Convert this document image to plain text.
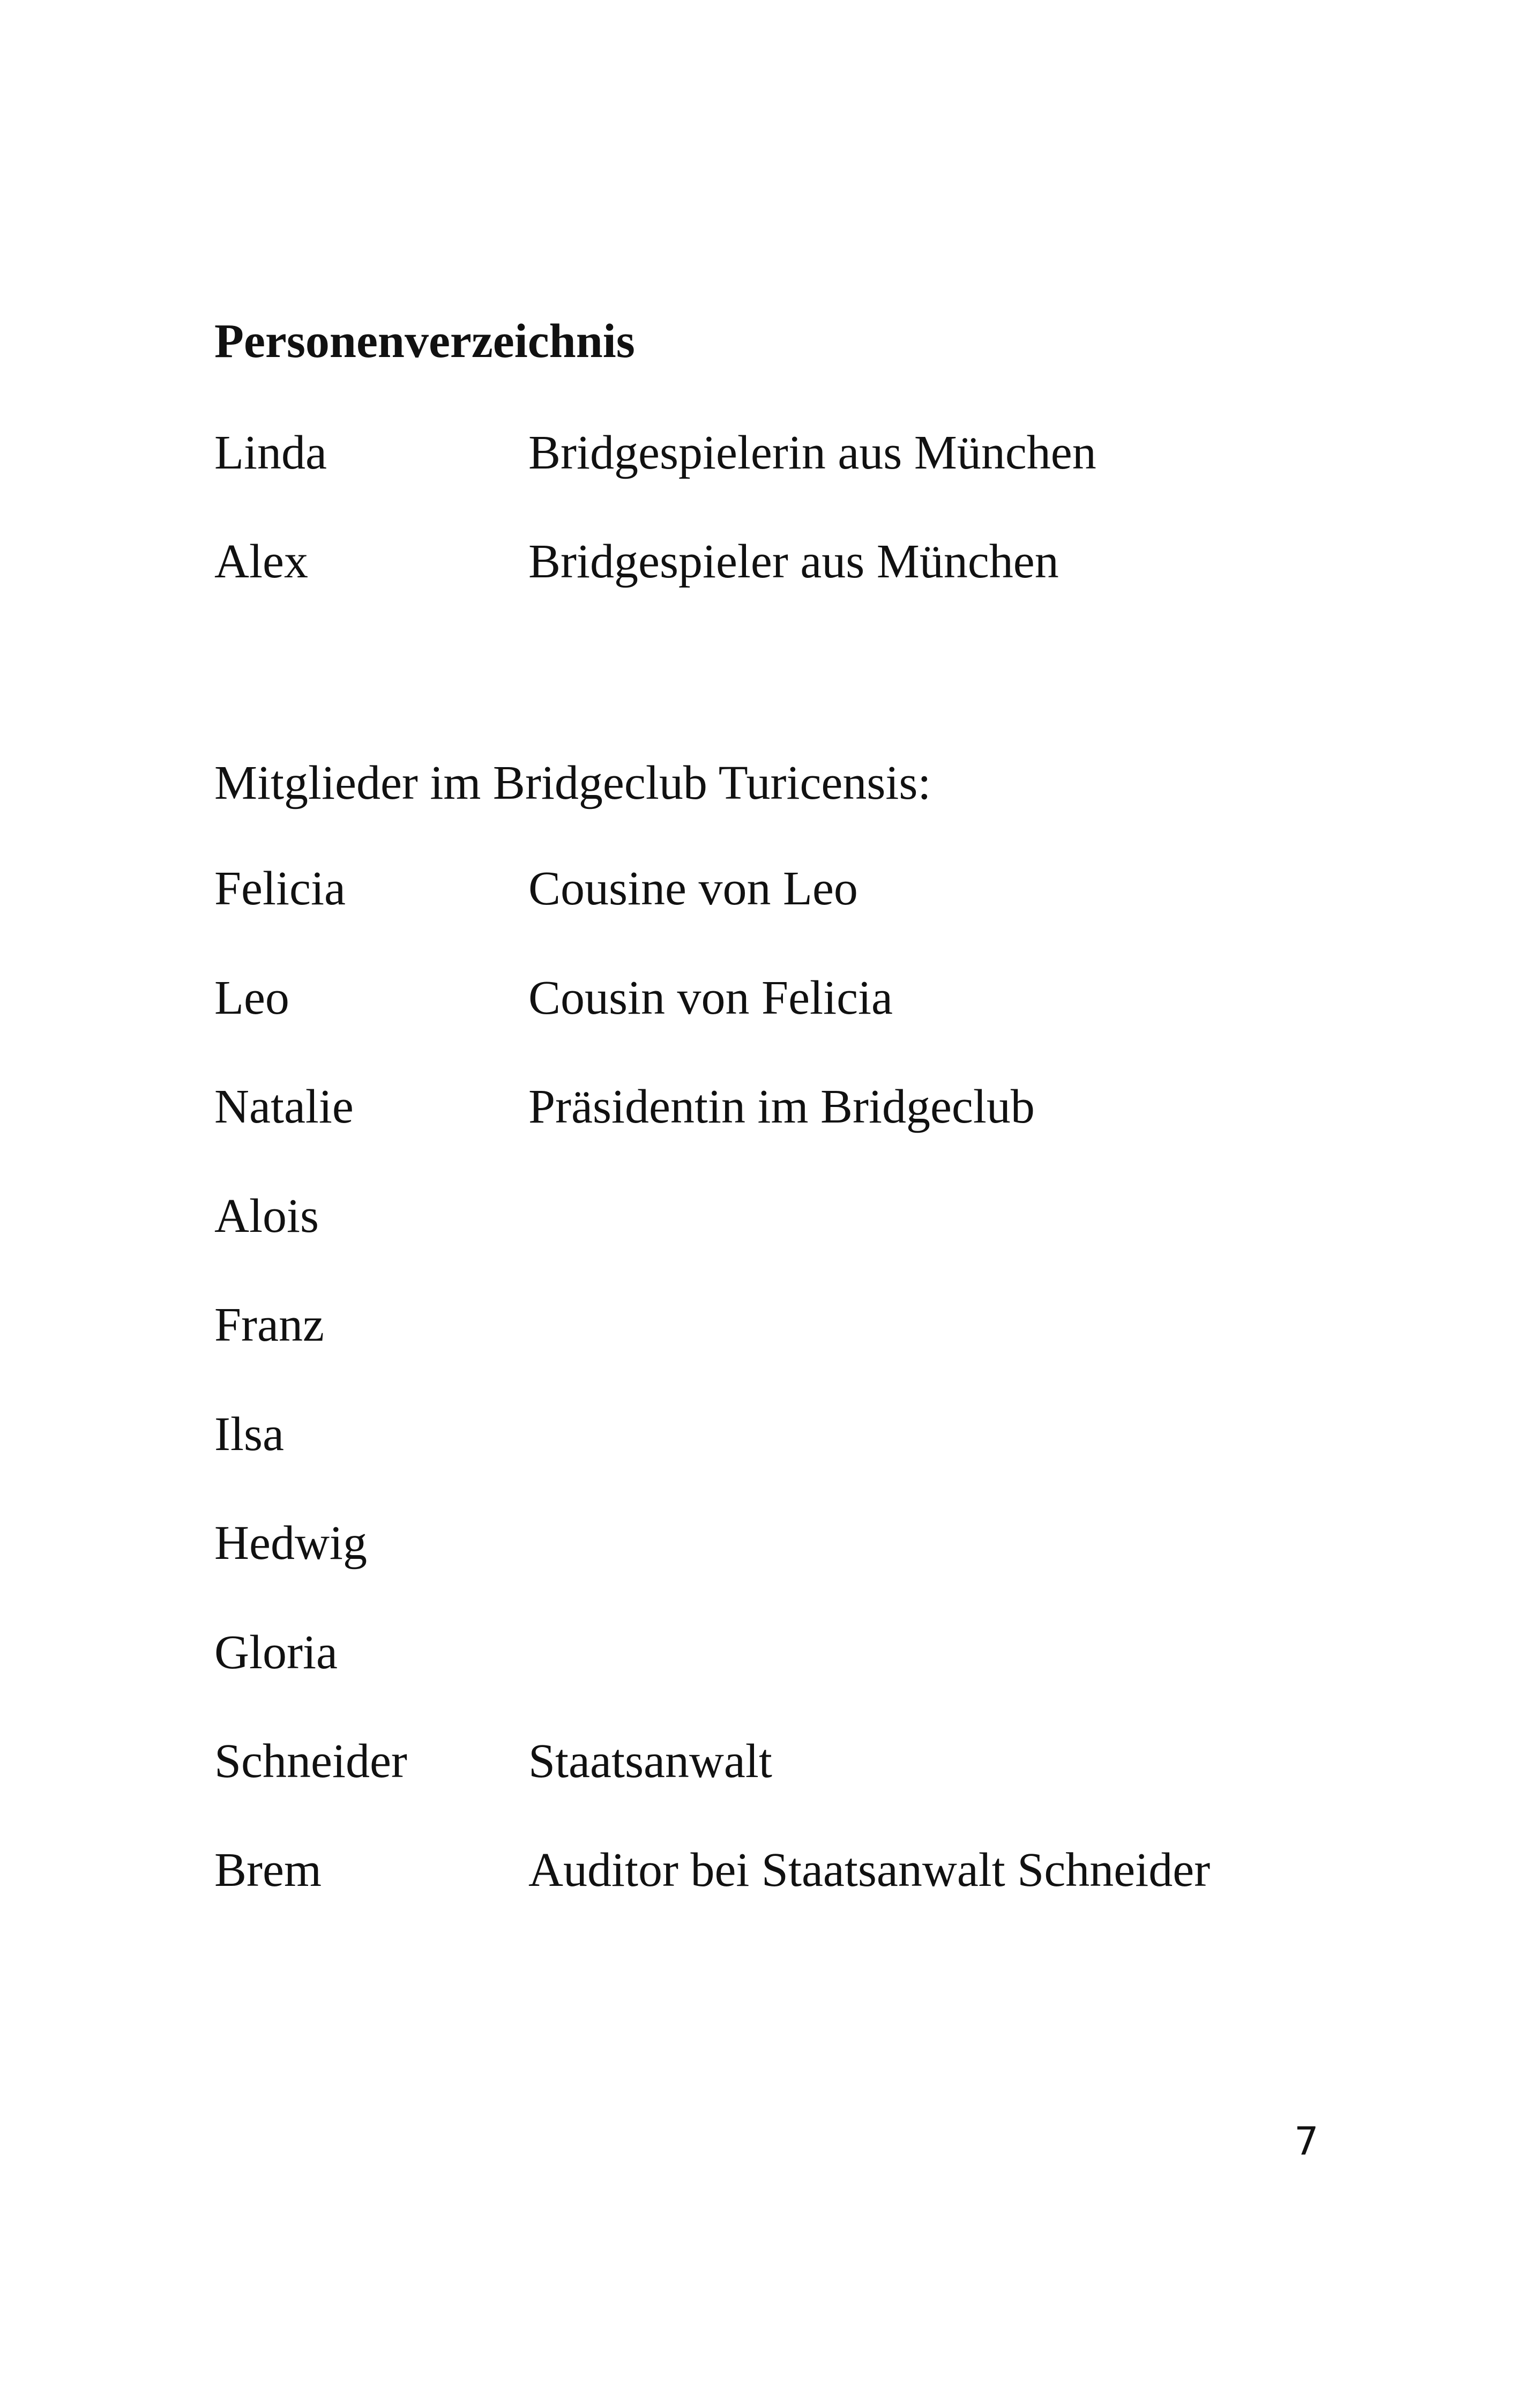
Personenverzeichnis
Linda	Bridgespielerin aus München
Alex	Bridgespieler aus München
Mitglieder im Bridgeclub Turicensis:
Felicia	Cousine von Leo
Leo	Cousin von Felicia
Natalie	Präsidentin im Bridgeclub
Alois
Franz
Ilsa
Hedwig
Gloria
Schneider	Staatsanwalt
Brem	Auditor bei Staatsanwalt Schneider
7
